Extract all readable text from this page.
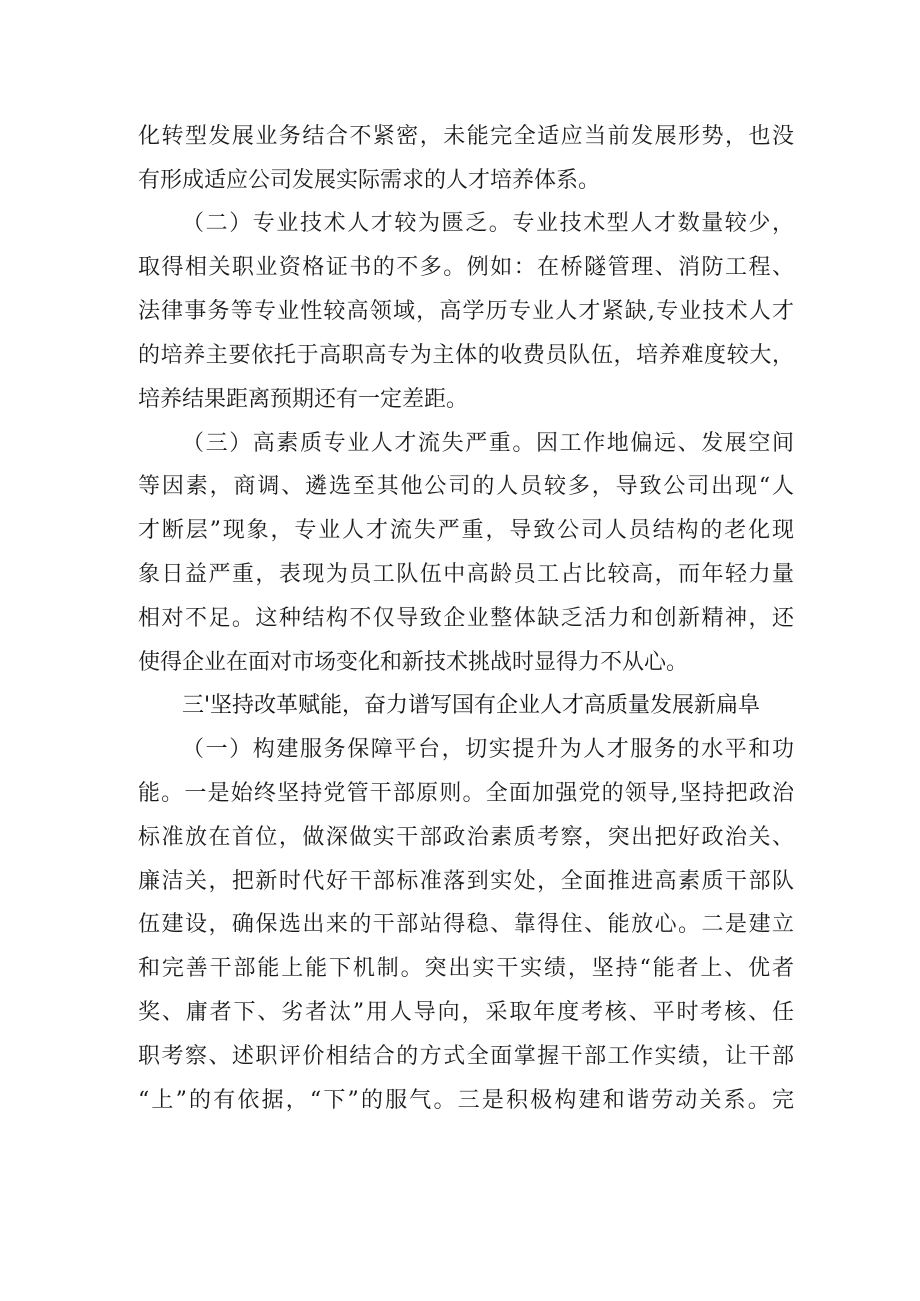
化转型发展业务结合不紧密，未能完全适应当前发展形势，也没
有形成适应公司发展实际需求的人才培养体系。
（二）专业技术人才较为匮乏。专业技术型人才数量较少，
取得相关职业资格证书的不多。例如：在桥隧管理、消防工程、
法律事务等专业性较高领域，高学历专业人才紧缺,专业技术人才
的培养主要依托于高职高专为主体的收费员队伍，培养难度较大，
培养结果距离预期还有一定差距。
（三）高素质专业人才流失严重。因工作地偏远、发展空间
等因素，商调、遴选至其他公司的人员较多，导致公司出现“人
才断层”现象，专业人才流失严重，导致公司人员结构的老化现
象日益严重，表现为员工队伍中高龄员工占比较高，而年轻力量
相对不足。这种结构不仅导致企业整体缺乏活力和创新精神，还
使得企业在面对市场变化和新技术挑战时显得力不从心。
三'坚持改革赋能，奋力谱写国有企业人才高质量发展新扁阜
（一）构建服务保障平台，切实提升为人才服务的水平和功
能。一是始终坚持党管干部原则。全面加强党的领导,坚持把政治
标准放在首位，做深做实干部政治素质考察，突出把好政治关、
廉洁关，把新时代好干部标准落到实处，全面推进高素质干部队
伍建设，确保选出来的干部站得稳、靠得住、能放心。二是建立
和完善干部能上能下机制。突出实干实绩，坚持“能者上、优者
奖、庸者下、劣者汰”用人导向，采取年度考核、平时考核、任
职考察、述职评价相结合的方式全面掌握干部工作实绩，让干部
“上”的有依据，“下”的服气。三是积极构建和谐劳动关系。完
